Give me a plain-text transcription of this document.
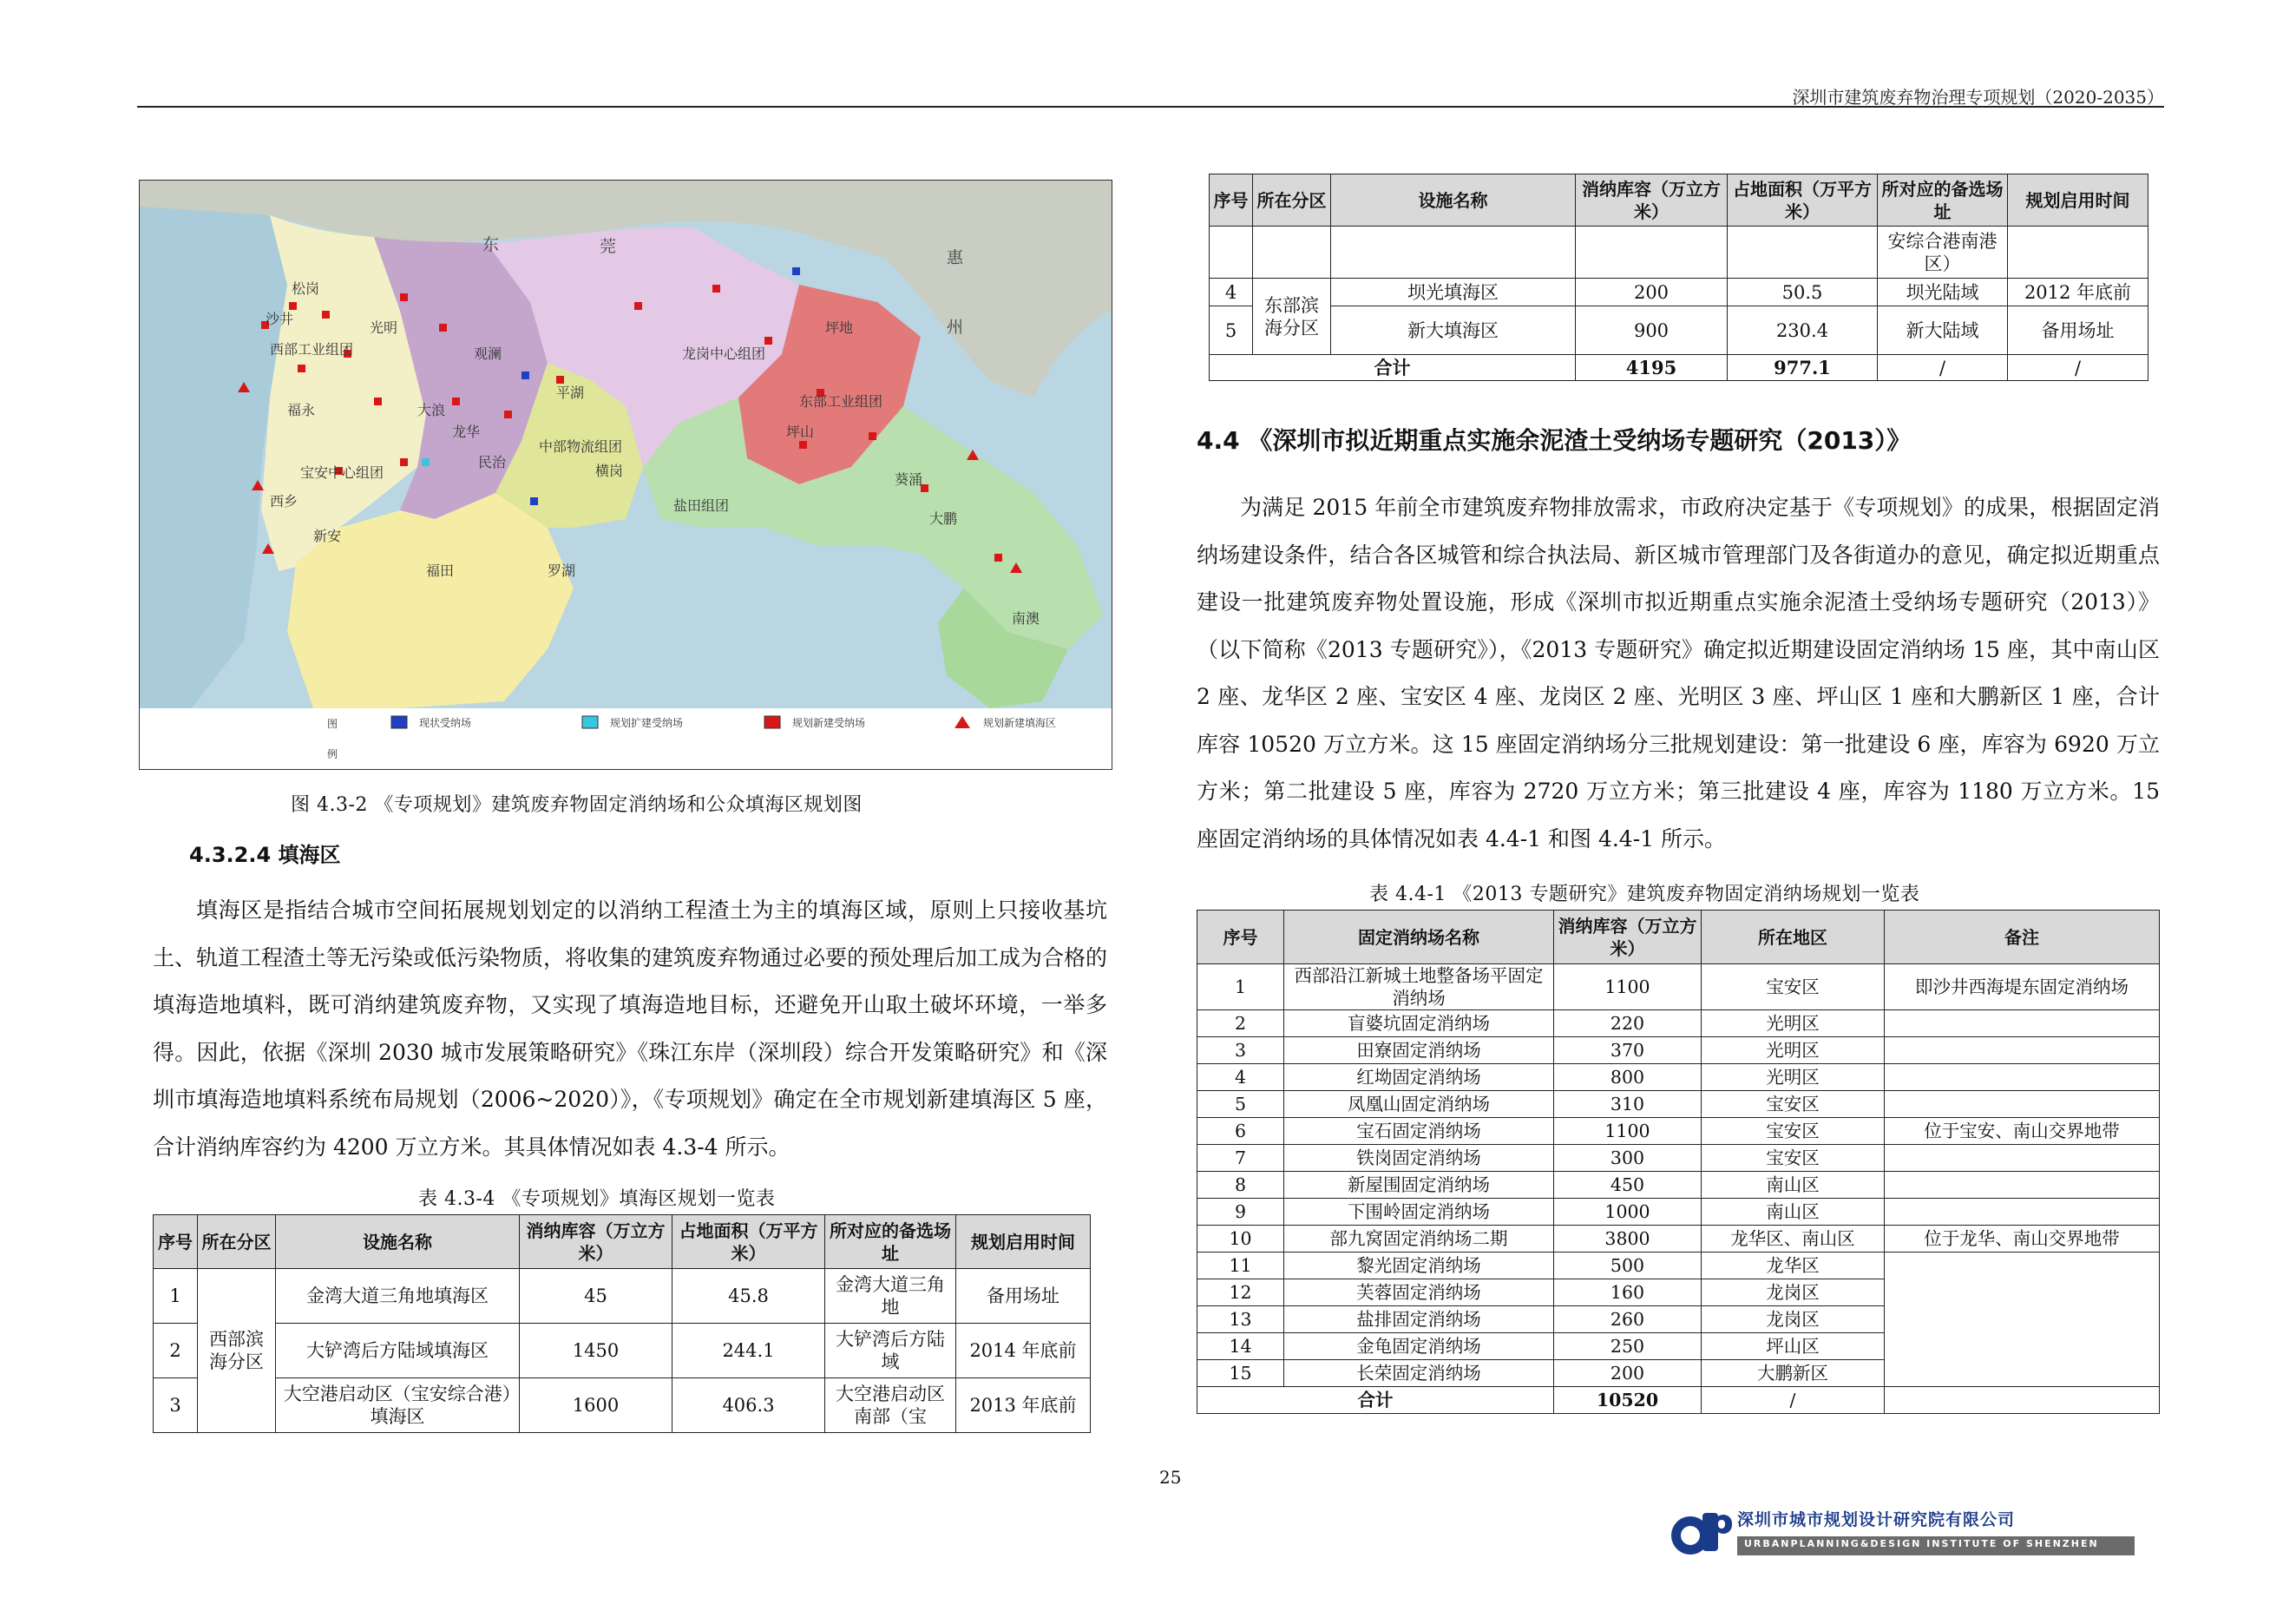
深圳市建筑废弃物治理专项规划（2020-2035）
东	莞
惠
州
光明
松岗
沙井
西部工业组团
福永
宝安中心组团
西乡
新安
龙华
大浪
民治
观澜	龙岗中心组团
东部工业组团
坪山
中部物流组团
平湖
横岗
福田	罗湖
盐田组团
葵涌
大鹏
南澳
坪地
图
例
现状受纳场	规划扩建受纳场	规划新建受纳场	规划新建填海区
图 4.3-2 《专项规划》建筑废弃物固定消纳场和公众填海区规划图
4.3.2.4 填海区
填海区是指结合城市空间拓展规划划定的以消纳工程渣土为主的填海区域，原则上只接收基坑土、轨道工程渣土等无污染或低污染物质，将收集的建筑废弃物通过必要的预处理后加工成为合格的填海造地填料，既可消纳建筑废弃物，又实现了填海造地目标，还避免开山取土破坏环境，一举多得。因此，依据《深圳 2030 城市发展策略研究》《珠江东岸（深圳段）综合开发策略研究》和《深圳市填海造地填料系统布局规划（2006~2020）》，《专项规划》确定在全市规划新建填海区 5 座，合计消纳库容约为 4200 万立方米。其具体情况如表 4.3-4 所示。
表 4.3-4 《专项规划》填海区规划一览表
序号	所在分区	设施名称	消纳库容（万立方米）	占地面积（万平方米）	所对应的备选场址	规划启用时间
1	西部滨海分区	金湾大道三角地填海区	45	45.8	金湾大道三角地	备用场址
2		大铲湾后方陆域填海区	1450	244.1	大铲湾后方陆域	2014 年底前
3		大空港启动区（宝安综合港）填海区	1600	406.3	大空港启动区南部（宝	2013 年底前
序号	所在分区	设施名称	消纳库容（万立方米）	占地面积（万平方米）	所对应的备选场址	规划启用时间
					安综合港南港区）	
4	东部滨海分区	坝光填海区	200	50.5	坝光陆域	2012 年底前
5		新大填海区	900	230.4	新大陆域	备用场址
合计			4195	977.1	/	/
4.4 《深圳市拟近期重点实施余泥渣土受纳场专题研究（2013）》
为满足 2015 年前全市建筑废弃物排放需求，市政府决定基于《专项规划》的成果，根据固定消纳场建设条件，结合各区城管和综合执法局、新区城市管理部门及各街道办的意见，确定拟近期重点建设一批建筑废弃物处置设施，形成《深圳市拟近期重点实施余泥渣土受纳场专题研究（2013）》（以下简称《2013 专题研究》），《2013 专题研究》确定拟近期建设固定消纳场 15 座，其中南山区 2 座、龙华区 2 座、宝安区 4 座、龙岗区 2 座、光明区 3 座、坪山区 1 座和大鹏新区 1 座，合计库容 10520 万立方米。这 15 座固定消纳场分三批规划建设：第一批建设 6 座，库容为 6920 万立方米；第二批建设 5 座，库容为 2720 万立方米；第三批建设 4 座，库容为 1180 万立方米。15 座固定消纳场的具体情况如表 4.4-1 和图 4.4-1 所示。
表 4.4-1 《2013 专题研究》建筑废弃物固定消纳场规划一览表
序号	固定消纳场名称	消纳库容（万立方米）	所在地区	备注
1	西部沿江新城土地整备场平固定消纳场	1100	宝安区	即沙井西海堤东固定消纳场
2	盲婆坑固定消纳场	220	光明区	
3	田寮固定消纳场	370	光明区	
4	红坳固定消纳场	800	光明区	
5	凤凰山固定消纳场	310	宝安区	
6	宝石固定消纳场	1100	宝安区	位于宝安、南山交界地带
7	铁岗固定消纳场	300	宝安区	
8	新屋围固定消纳场	450	南山区	
9	下围岭固定消纳场	1000	南山区	
10	部九窝固定消纳场二期	3800	龙华区、南山区	位于龙华、南山交界地带
11	黎光固定消纳场	500	龙华区	
12	芙蓉固定消纳场	160	龙岗区	
13	盐排固定消纳场	260	龙岗区	
14	金龟固定消纳场	250	坪山区	
15	长荣固定消纳场	200	大鹏新区	
合计		10520	/	
25
深圳市城市规划设计研究院有限公司
URBANPLANNING&DESIGN INSTITUTE OF SHENZHEN
